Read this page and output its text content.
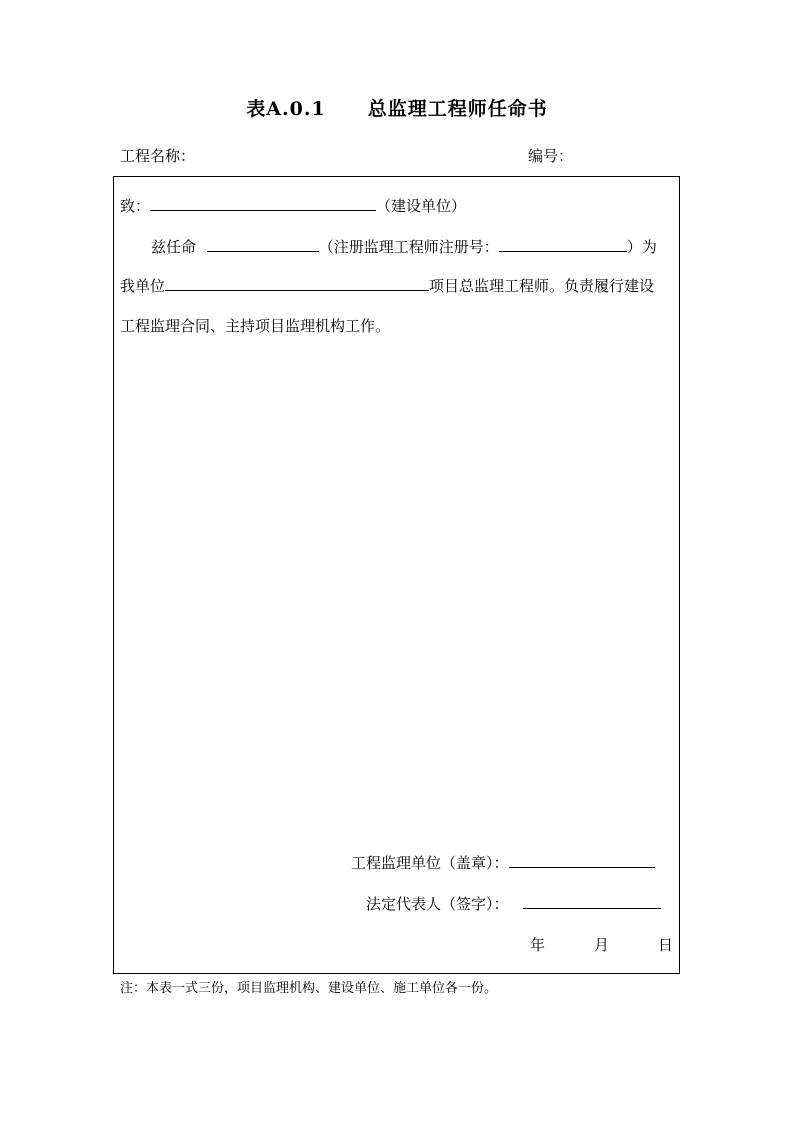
表A.0.1 总监理工程师任命书
工程名称：	编号：
致：	（建设单位）
兹任命	（注册监理工程师注册号：	）为
我单位	项目总监理工程师。负责履行建设
工程监理合同、主持项目监理机构工作。
工程监理单位（盖章）：
法定代表人（签字）：
年	月	日
注：本表一式三份，项目监理机构、建设单位、施工单位各一份。
